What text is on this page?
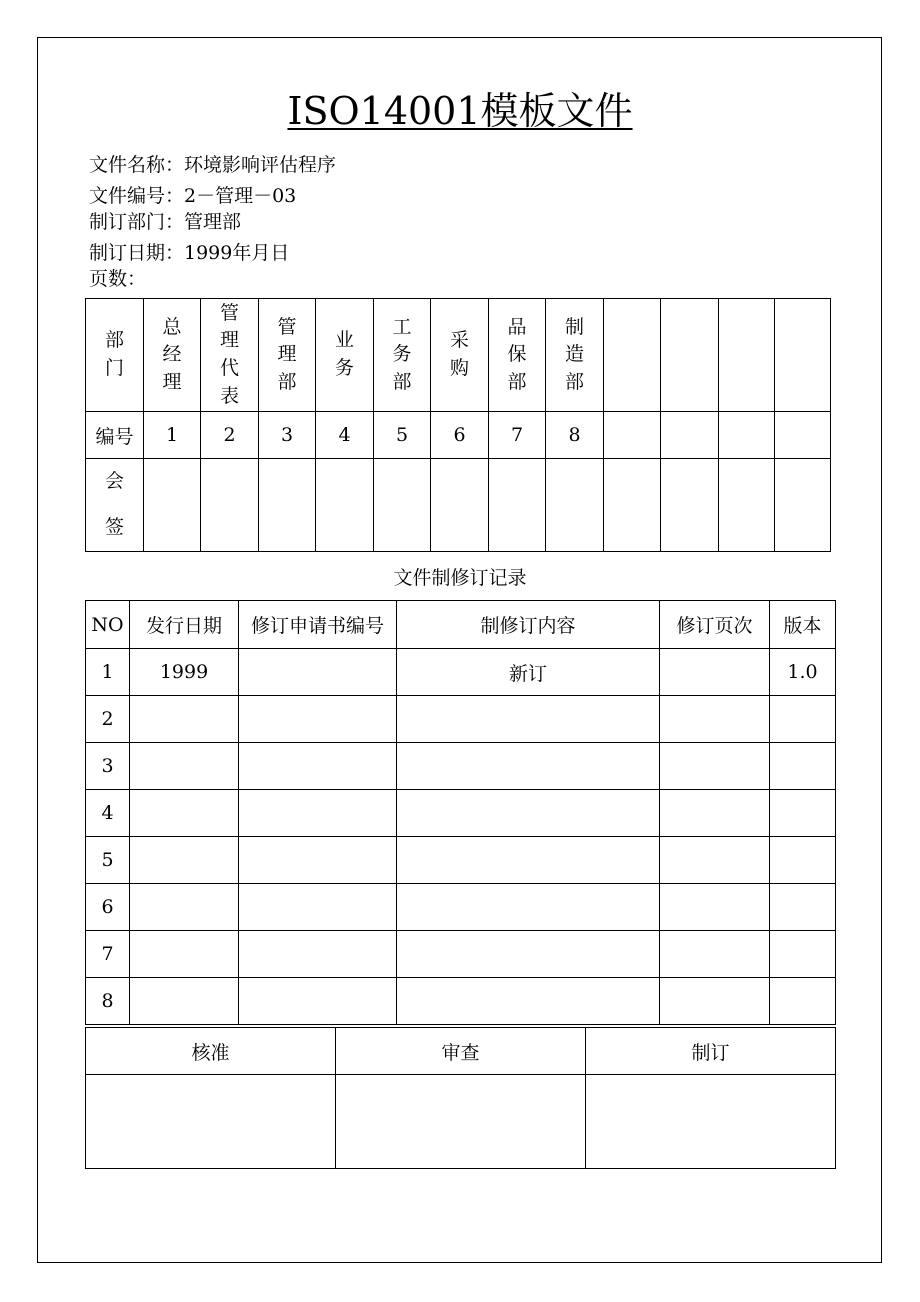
ISO14001模板文件
文件名称：环境影响评估程序
文件编号：2－管理－03
制订部门：管理部
制订日期：1999年月日
页数：
部门	总经理	管理代表	管理部	业务	工务部	采购	品保部	制造部				
编号	1	2	3	4	5	6	7	8				
会签												
文件制修订记录
NO	发行日期	修订申请书编号	制修订内容	修订页次	版本
1	1999		新订		1.0
2					
3					
4					
5					
6					
7					
8					
核准	审查	制订
